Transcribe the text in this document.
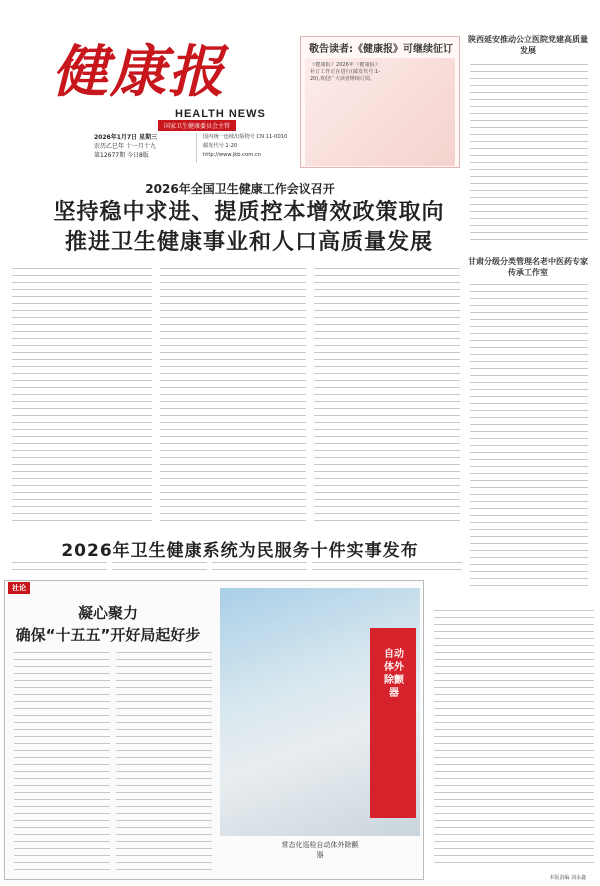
健康报
HEALTH NEWS
国家卫生健康委员会主管
2026年1月7日 星期三
农历乙巳年 十一月十九
第12677期 今日8版
国内统一连续出版物号 CN 11-0010
邮发代号 1-20
http://www.jkb.com.cn
敬告读者:《健康报》可继续征订
《健康报》2026年《健康报》补订工作正在进行(邮发代号:1-20),欢迎广大读者继续订阅。
陕西延安推动公立医院党建高质量发展
甘肃分级分类管理名老中医药专家传承工作室
2026年全国卫生健康工作会议召开
坚持稳中求进、提质控本增效政策取向
推进卫生健康事业和人口高质量发展
2026年卫生健康系统为民服务十件实事发布
社论
凝心聚力
确保“十五五”开好局起好步
自动体外除颤器
常态化巡检自动体外除颤器
本版责编 刘永鑫
